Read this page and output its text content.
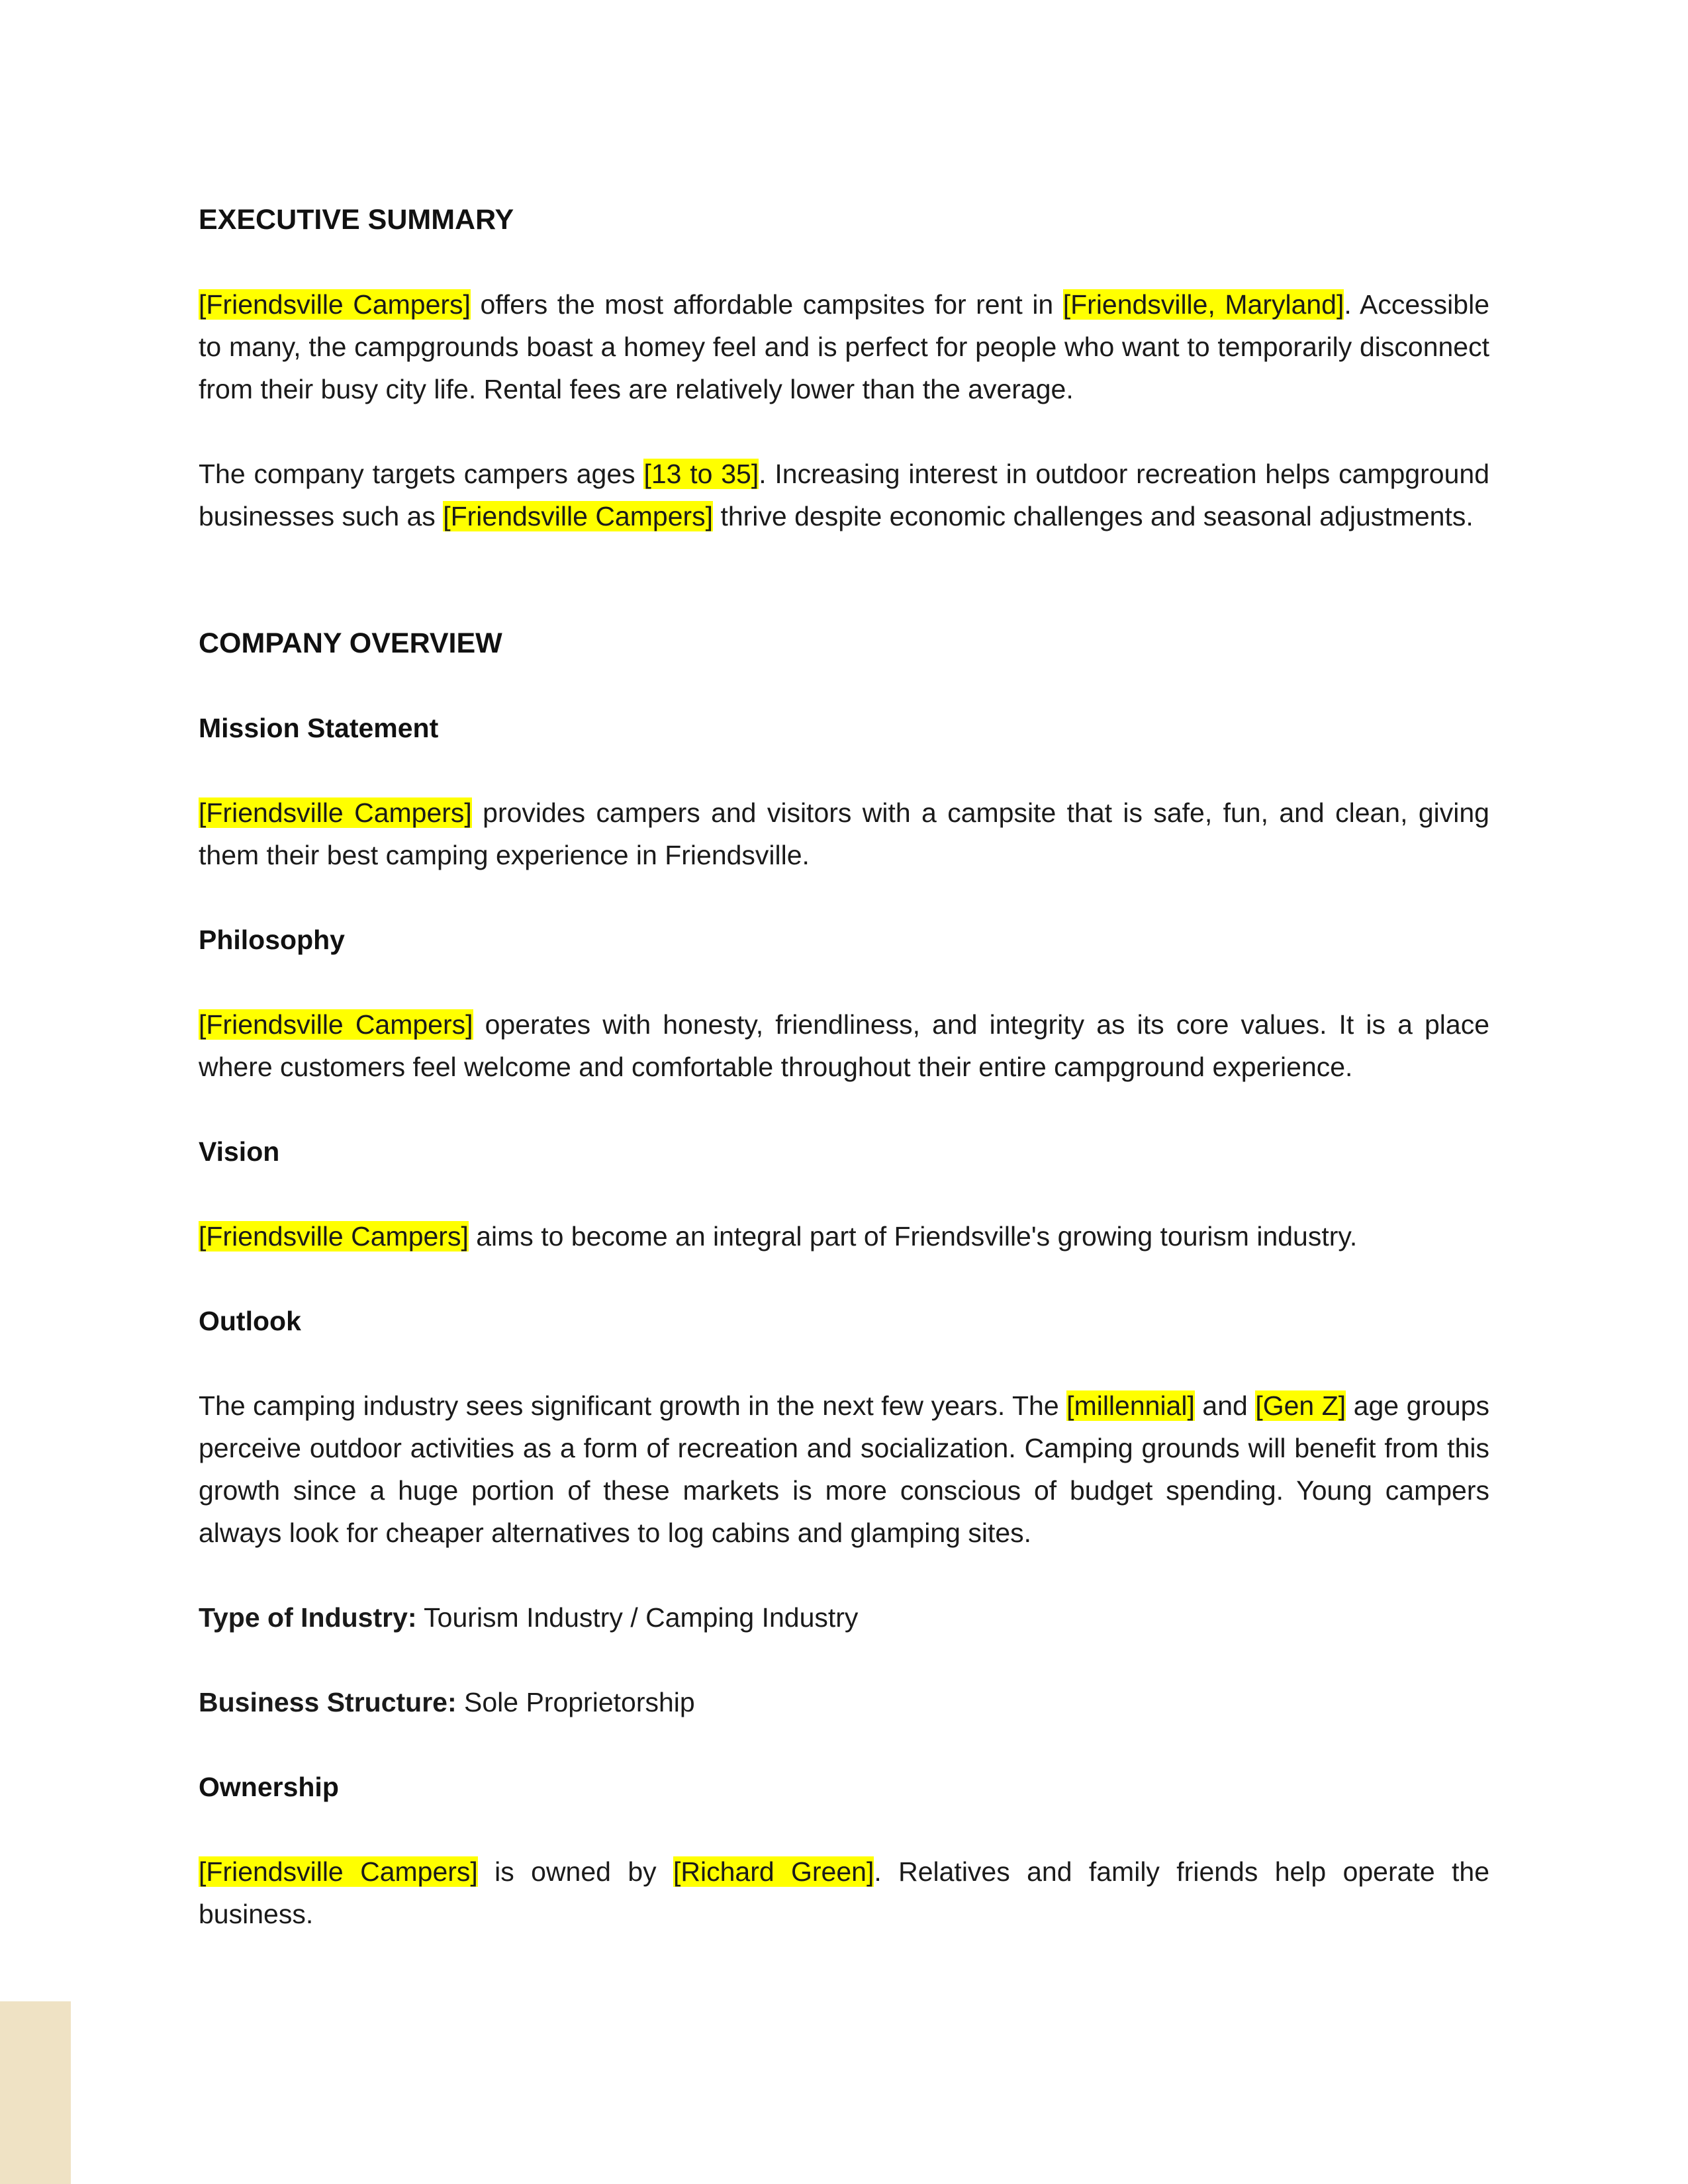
EXECUTIVE SUMMARY

[Friendsville Campers] offers the most affordable campsites for rent in [Friendsville, Maryland]. Accessible to many, the campgrounds boast a homey feel and is perfect for people who want to temporarily disconnect from their busy city life. Rental fees are relatively lower than the average.

The company targets campers ages [13 to 35]. Increasing interest in outdoor recreation helps campground businesses such as [Friendsville Campers] thrive despite economic challenges and seasonal adjustments.

COMPANY OVERVIEW
Mission Statement

[Friendsville Campers] provides campers and visitors with a campsite that is safe, fun, and clean, giving them their best camping experience in Friendsville.

Philosophy

[Friendsville Campers] operates with honesty, friendliness, and integrity as its core values. It is a place where customers feel welcome and comfortable throughout their entire campground experience.

Vision

[Friendsville Campers] aims to become an integral part of Friendsville's growing tourism industry.

Outlook

The camping industry sees significant growth in the next few years. The [millennial] and [Gen Z] age groups perceive outdoor activities as a form of recreation and socialization. Camping grounds will benefit from this growth since a huge portion of these markets is more conscious of budget spending. Young campers always look for cheaper alternatives to log cabins and glamping sites.

Type of Industry: Tourism Industry / Camping Industry

Business Structure: Sole Proprietorship

Ownership

[Friendsville Campers] is owned by [Richard Green]. Relatives and family friends help operate the business.
